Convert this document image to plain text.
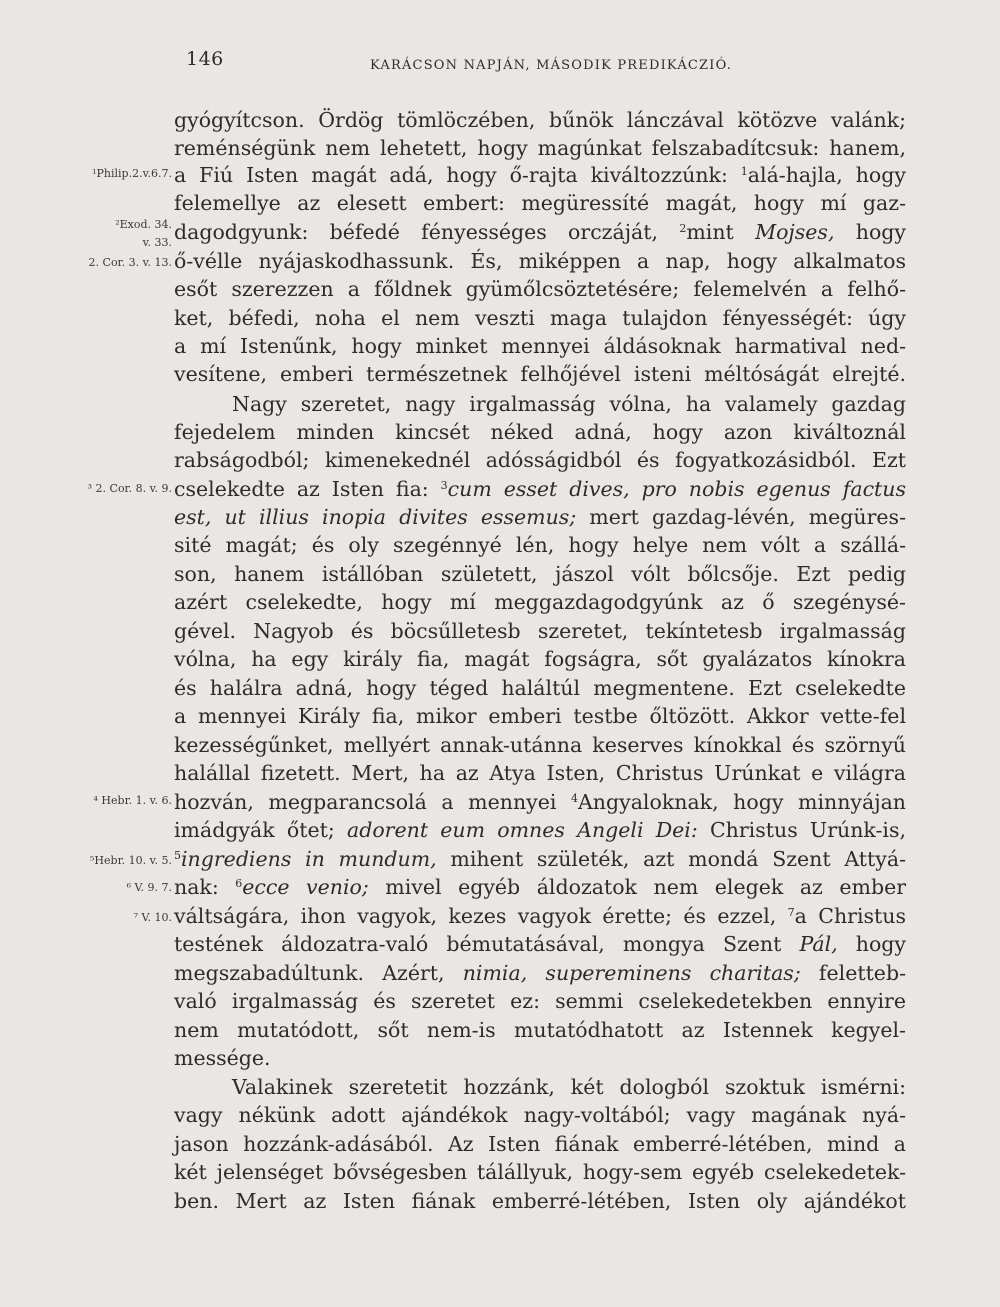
146	KARÁCSON NAPJÁN, MÁSODIK PREDIKÁCZIÓ.
¹Philip.2.v.6.7.
²Exod. 34.
v. 33.
2. Cor. 3. v. 13.
³ 2. Cor. 8. v. 9.
⁴ Hebr. 1. v. 6.
⁵Hebr. 10. v. 5.
⁶ V. 9. 7.
⁷ V. 10.
gyógyítcson. Ördög tömlöczében, bűnök lánczával kötözve valánk;
reménségünk nem lehetett, hogy magúnkat felszabadítcsuk: hanem,
a Fiú Isten magát adá, hogy ő-rajta kiváltozzúnk: $^1$alá-hajla, hogy
felemellye az elesett embert: megüressíté magát, hogy mí gaz-
dagodgyunk: béfedé fényességes orczáját, $^2$mint Mojses, hogy
ő-vélle nyájaskodhassunk. És, miképpen a nap, hogy alkalmatos
esőt szerezzen a főldnek gyümőlcsöztetésére; felemelvén a felhő-
ket, béfedi, noha el nem veszti maga tulajdon fényességét: úgy
a mí Istenűnk, hogy minket mennyei áldásoknak harmatival ned-
vesítene, emberi természetnek felhőjével isteni méltóságát elrejté.
Nagy szeretet, nagy irgalmasság vólna, ha valamely gazdag
fejedelem minden kincsét néked adná, hogy azon kiváltoznál
rabságodból; kimenekednél adósságidból és fogyatkozásidból. Ezt
cselekedte az Isten fia: $^3$cum esset dives, pro nobis egenus factus
est, ut illius inopia divites essemus; mert gazdag-lévén, megüres-
sité magát; és oly szegénnyé lén, hogy helye nem vólt a szállá-
son, hanem istállóban született, jászol vólt bőlcsője. Ezt pedig
azért cselekedte, hogy mí meggazdagodgyúnk az ő szegénysé-
gével. Nagyob és böcsűlletesb szeretet, tekíntetesb irgalmasság
vólna, ha egy király fia, magát fogságra, sőt gyalázatos kínokra
és halálra adná, hogy téged haláltúl megmentene. Ezt cselekedte
a mennyei Király fia, mikor emberi testbe őltözött. Akkor vette-fel
kezességűnket, mellyért annak-utánna keserves kínokkal és szörnyű
halállal fizetett. Mert, ha az Atya Isten, Christus Urúnkat e világra
hozván, megparancsolá a mennyei $^4$Angyaloknak, hogy minnyájan
imádgyák őtet; adorent eum omnes Angeli Dei: Christus Urúnk-is,
$^5$ingrediens in mundum, mihent születék, azt mondá Szent Attyá-
nak: $^6$ecce venio; mivel egyéb áldozatok nem elegek az ember
váltságára, ihon vagyok, kezes vagyok érette; és ezzel, $^7$a Christus
testének áldozatra-való bémutatásával, mongya Szent Pál, hogy
megszabadúltunk. Azért, nimia, supereminens charitas; feletteb-
való irgalmasság és szeretet ez: semmi cselekedetekben ennyire
nem mutatódott, sőt nem-is mutatódhatott az Istennek kegyel-
messége.
Valakinek szeretetit hozzánk, két dologból szoktuk ismérni:
vagy nékünk adott ajándékok nagy-voltából; vagy magának nyá-
jason hozzánk-adásából. Az Isten fiának emberré-létében, mind a
két jelenséget bővségesben tálállyuk, hogy-sem egyéb cselekedetek-
ben. Mert az Isten fiának emberré-létében, Isten oly ajándékot
